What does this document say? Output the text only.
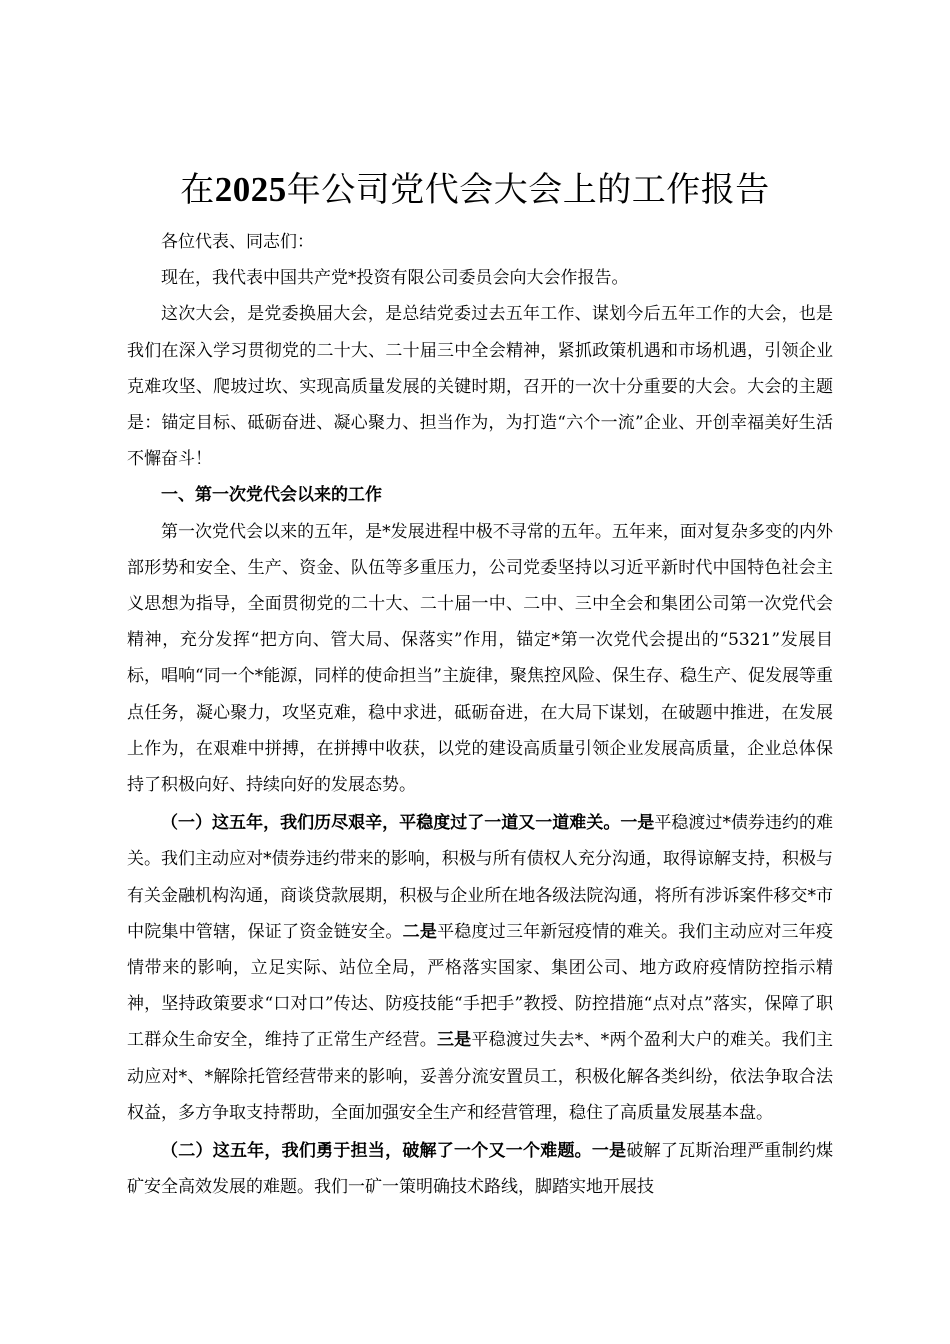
在2025年公司党代会大会上的工作报告

各位代表、同志们：

现在，我代表中国共产党*投资有限公司委员会向大会作报告。

这次大会，是党委换届大会，是总结党委过去五年工作、谋划今后五年工作的大会，也是我们在深入学习贯彻党的二十大、二十届三中全会精神，紧抓政策机遇和市场机遇，引领企业克难攻坚、爬坡过坎、实现高质量发展的关键时期，召开的一次十分重要的大会。大会的主题是：锚定目标、砥砺奋进、凝心聚力、担当作为，为打造“六个一流”企业、开创幸福美好生活不懈奋斗！

一、第一次党代会以来的工作

第一次党代会以来的五年，是*发展进程中极不寻常的五年。五年来，面对复杂多变的内外部形势和安全、生产、资金、队伍等多重压力，公司党委坚持以习近平新时代中国特色社会主义思想为指导，全面贯彻党的二十大、二十届一中、二中、三中全会和集团公司第一次党代会精神，充分发挥“把方向、管大局、保落实”作用，锚定*第一次党代会提出的“5321”发展目标，唱响“同一个*能源，同样的使命担当”主旋律，聚焦控风险、保生存、稳生产、促发展等重点任务，凝心聚力，攻坚克难，稳中求进，砥砺奋进，在大局下谋划，在破题中推进，在发展上作为，在艰难中拼搏，在拼搏中收获，以党的建设高质量引领企业发展高质量，企业总体保持了积极向好、持续向好的发展态势。

（一）这五年，我们历尽艰辛，平稳度过了一道又一道难关。一是平稳渡过*债券违约的难关。我们主动应对*债券违约带来的影响，积极与所有债权人充分沟通，取得谅解支持，积极与有关金融机构沟通，商谈贷款展期，积极与企业所在地各级法院沟通，将所有涉诉案件移交*市中院集中管辖，保证了资金链安全。二是平稳度过三年新冠疫情的难关。我们主动应对三年疫情带来的影响，立足实际、站位全局，严格落实国家、集团公司、地方政府疫情防控指示精神，坚持政策要求“口对口”传达、防疫技能“手把手”教授、防控措施“点对点”落实，保障了职工群众生命安全，维持了正常生产经营。三是平稳渡过失去*、*两个盈利大户的难关。我们主动应对*、*解除托管经营带来的影响，妥善分流安置员工，积极化解各类纠纷，依法争取合法权益，多方争取支持帮助，全面加强安全生产和经营管理，稳住了高质量发展基本盘。

（二）这五年，我们勇于担当，破解了一个又一个难题。一是破解了瓦斯治理严重制约煤矿安全高效发展的难题。我们一矿一策明确技术路线，脚踏实地开展技
